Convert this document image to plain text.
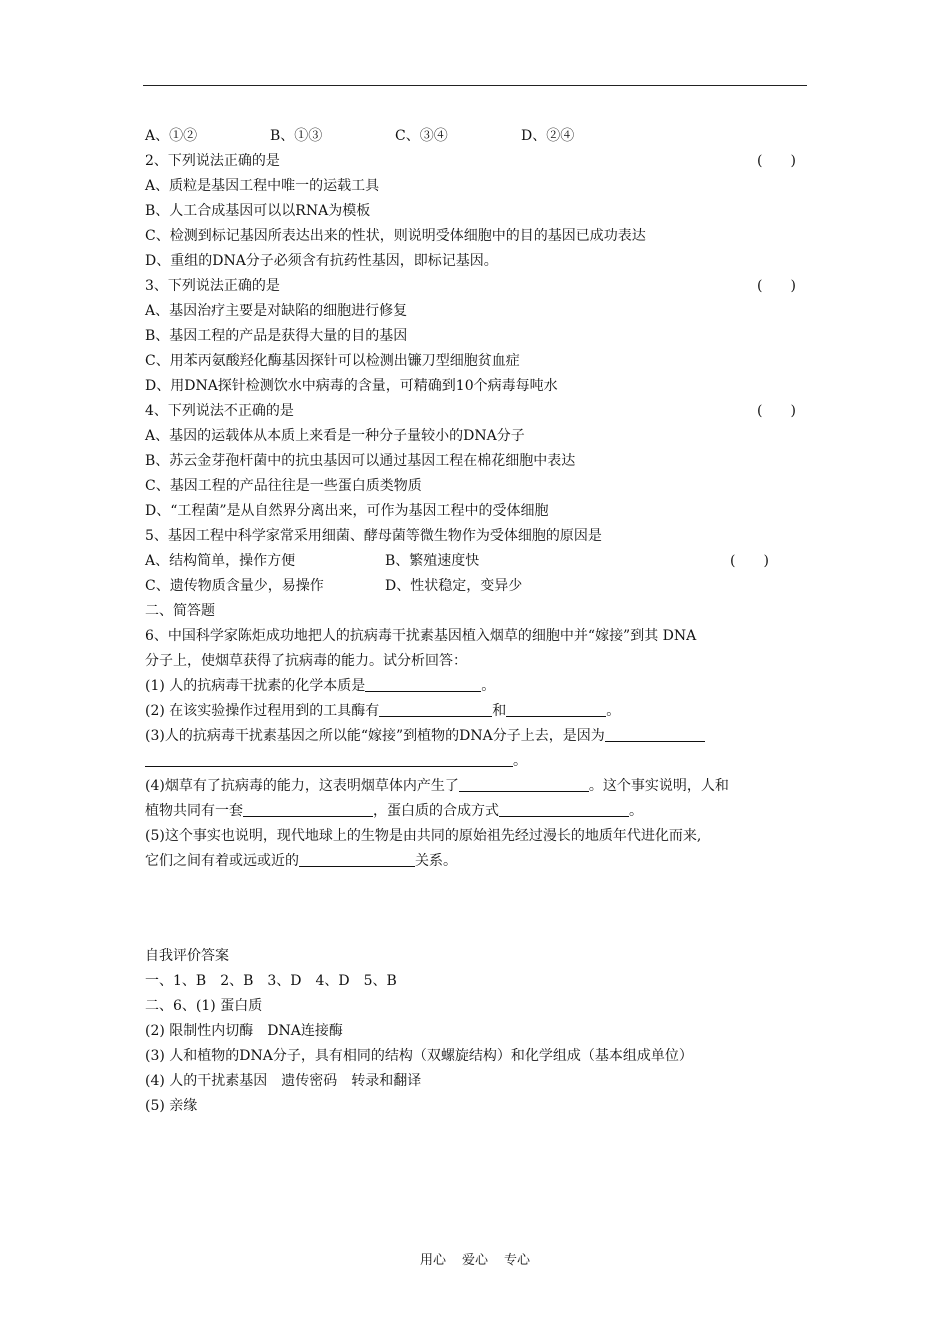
A、①②	B、①③	C、③④	D、②④
2、下列说法正确的是	(　　)
A、质粒是基因工程中唯一的运载工具
B、人工合成基因可以以RNA为模板
C、检测到标记基因所表达出来的性状，则说明受体细胞中的目的基因已成功表达
D、重组的DNA分子必须含有抗药性基因，即标记基因。
3、下列说法正确的是	(　　)
A、基因治疗主要是对缺陷的细胞进行修复
B、基因工程的产品是获得大量的目的基因
C、用苯丙氨酸羟化酶基因探针可以检测出镰刀型细胞贫血症
D、用DNA探针检测饮水中病毒的含量，可精确到10个病毒每吨水
4、下列说法不正确的是	(　　)
A、基因的运载体从本质上来看是一种分子量较小的DNA分子
B、苏云金芽孢杆菌中的抗虫基因可以通过基因工程在棉花细胞中表达
C、基因工程的产品往往是一些蛋白质类物质
D、“工程菌”是从自然界分离出来，可作为基因工程中的受体细胞
5、基因工程中科学家常采用细菌、酵母菌等微生物作为受体细胞的原因是
A、结构简单，操作方便	B、繁殖速度快	(　　)
C、遗传物质含量少，易操作	D、性状稳定，变异少
二、简答题
6、中国科学家陈炬成功地把人的抗病毒干扰素基因植入烟草的细胞中并“嫁接”到其 DNA
分子上，使烟草获得了抗病毒的能力。试分析回答：
(1) 人的抗病毒干扰素的化学本质是	。
(2) 在该实验操作过程用到的工具酶有	和	。
(3)人的抗病毒干扰素基因之所以能“嫁接”到植物的DNA分子上去，是因为
。
(4)烟草有了抗病毒的能力，这表明烟草体内产生了	。这个事实说明，人和
植物共同有一套	，蛋白质的合成方式	。
(5)这个事实也说明，现代地球上的生物是由共同的原始祖先经过漫长的地质年代进化而来,
它们之间有着或远或近的	关系。
自我评价答案
一、1、B　2、B　3、D　4、D　5、B
二、6、(1) 蛋白质
(2) 限制性内切酶　DNA连接酶
(3) 人和植物的DNA分子，具有相同的结构（双螺旋结构）和化学组成（基本组成单位）
(4) 人的干扰素基因　遗传密码　转录和翻译
(5) 亲缘
用心 爱心 专心
